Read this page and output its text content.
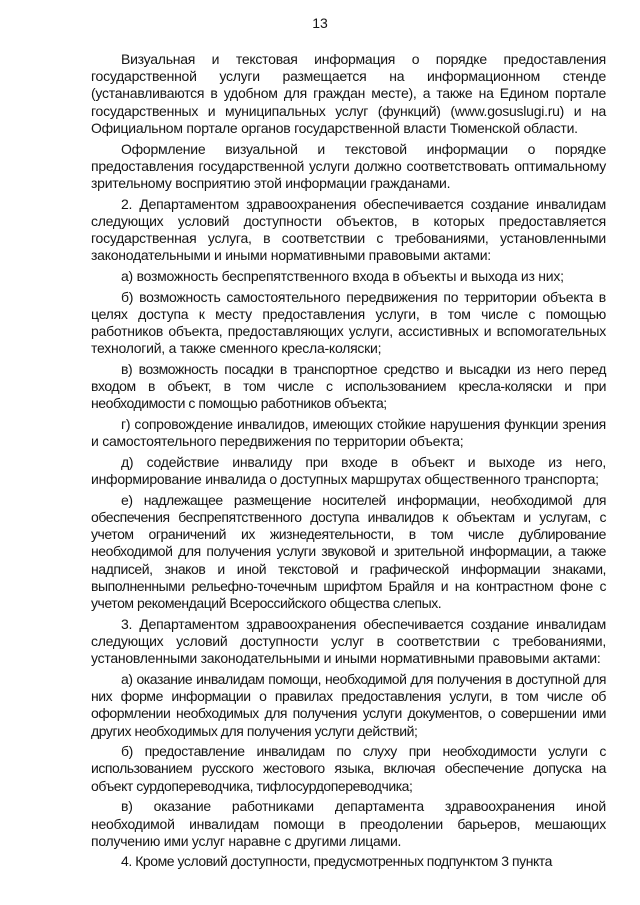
13

Визуальная и текстовая информация о порядке предоставления государственной услуги размещается на информационном стенде (устанавливаются в удобном для граждан месте), а также на Едином портале государственных и муниципальных услуг (функций) (www.gosuslugi.ru) и на Официальном портале органов государственной власти Тюменской области.

Оформление визуальной и текстовой информации о порядке предоставления государственной услуги должно соответствовать оптимальному зрительному восприятию этой информации гражданами.

2. Департаментом здравоохранения обеспечивается создание инвалидам следующих условий доступности объектов, в которых предоставляется государственная услуга, в соответствии с требованиями, установленными законодательными и иными нормативными правовыми актами:

а) возможность беспрепятственного входа в объекты и выхода из них;

б) возможность самостоятельного передвижения по территории объекта в целях доступа к месту предоставления услуги, в том числе с помощью работников объекта, предоставляющих услуги, ассистивных и вспомогательных технологий, а также сменного кресла-коляски;

в) возможность посадки в транспортное средство и высадки из него перед входом в объект, в том числе с использованием кресла-коляски и при необходимости с помощью работников объекта;

г) сопровождение инвалидов, имеющих стойкие нарушения функции зрения и самостоятельного передвижения по территории объекта;

д) содействие инвалиду при входе в объект и выходе из него, информирование инвалида о доступных маршрутах общественного транспорта;

е) надлежащее размещение носителей информации, необходимой для обеспечения беспрепятственного доступа инвалидов к объектам и услугам, с учетом ограничений их жизнедеятельности, в том числе дублирование необходимой для получения услуги звуковой и зрительной информации, а также надписей, знаков и иной текстовой и графической информации знаками, выполненными рельефно-точечным шрифтом Брайля и на контрастном фоне с учетом рекомендаций Всероссийского общества слепых.

3. Департаментом здравоохранения обеспечивается создание инвалидам следующих условий доступности услуг в соответствии с требованиями, установленными законодательными и иными нормативными правовыми актами:

а) оказание инвалидам помощи, необходимой для получения в доступной для них форме информации о правилах предоставления услуги, в том числе об оформлении необходимых для получения услуги документов, о совершении ими других необходимых для получения услуги действий;

б) предоставление инвалидам по слуху при необходимости услуги с использованием русского жестового языка, включая обеспечение допуска на объект сурдопереводчика, тифлосурдопереводчика;

в) оказание работниками департамента здравоохранения иной необходимой инвалидам помощи в преодолении барьеров, мешающих получению ими услуг наравне с другими лицами.

4. Кроме условий доступности, предусмотренных подпунктом 3 пункта
